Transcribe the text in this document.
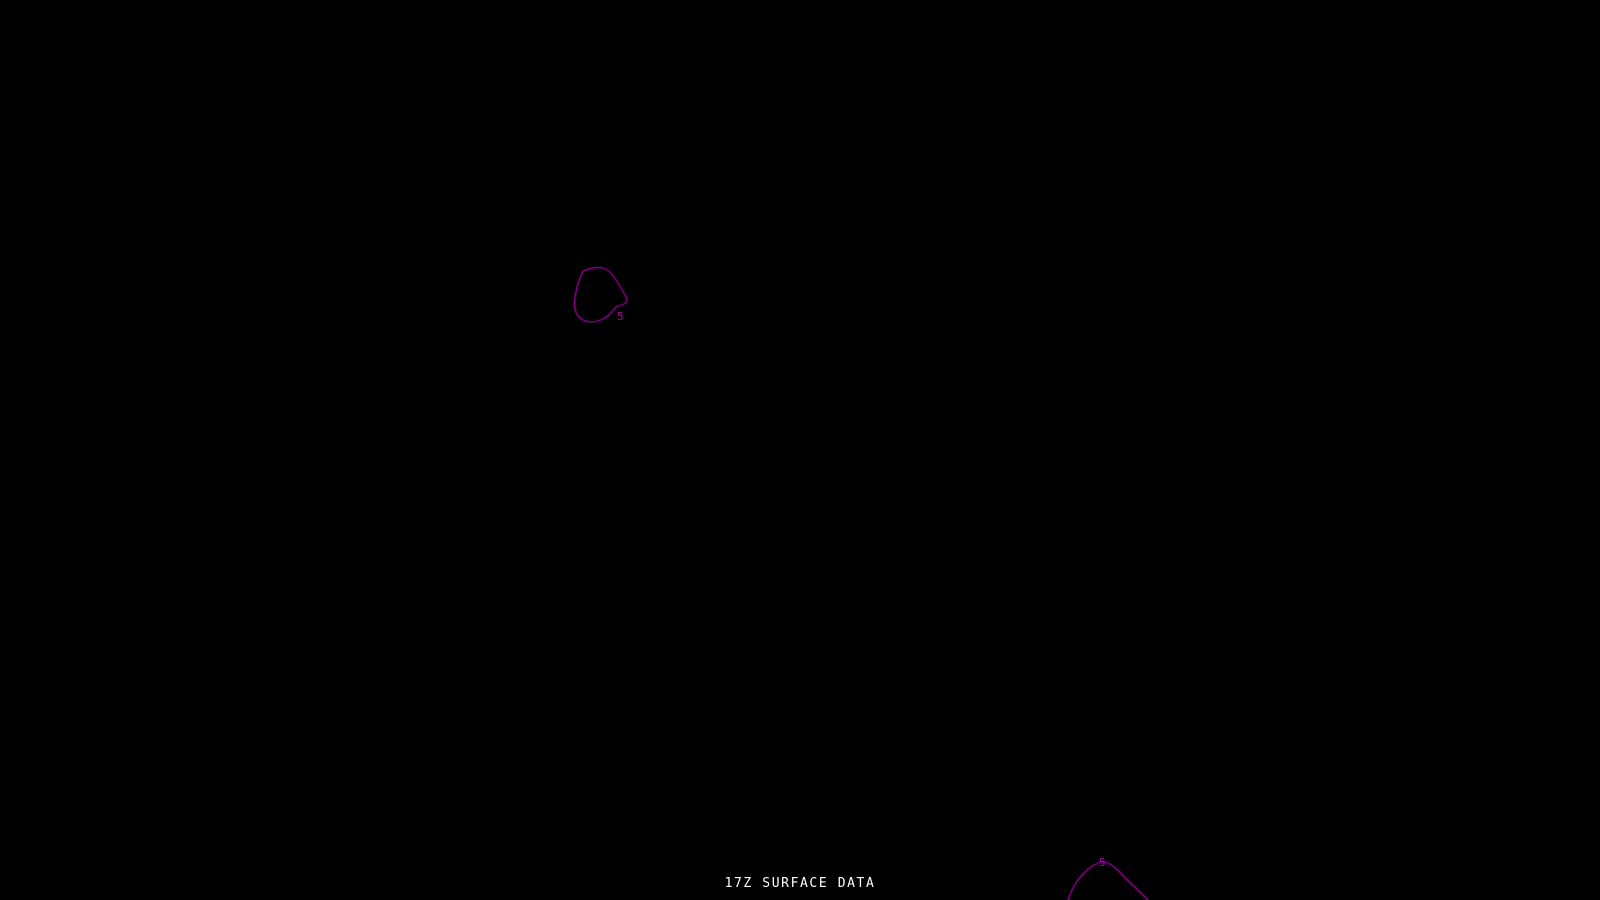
5
5
17Z SURFACE DATA
